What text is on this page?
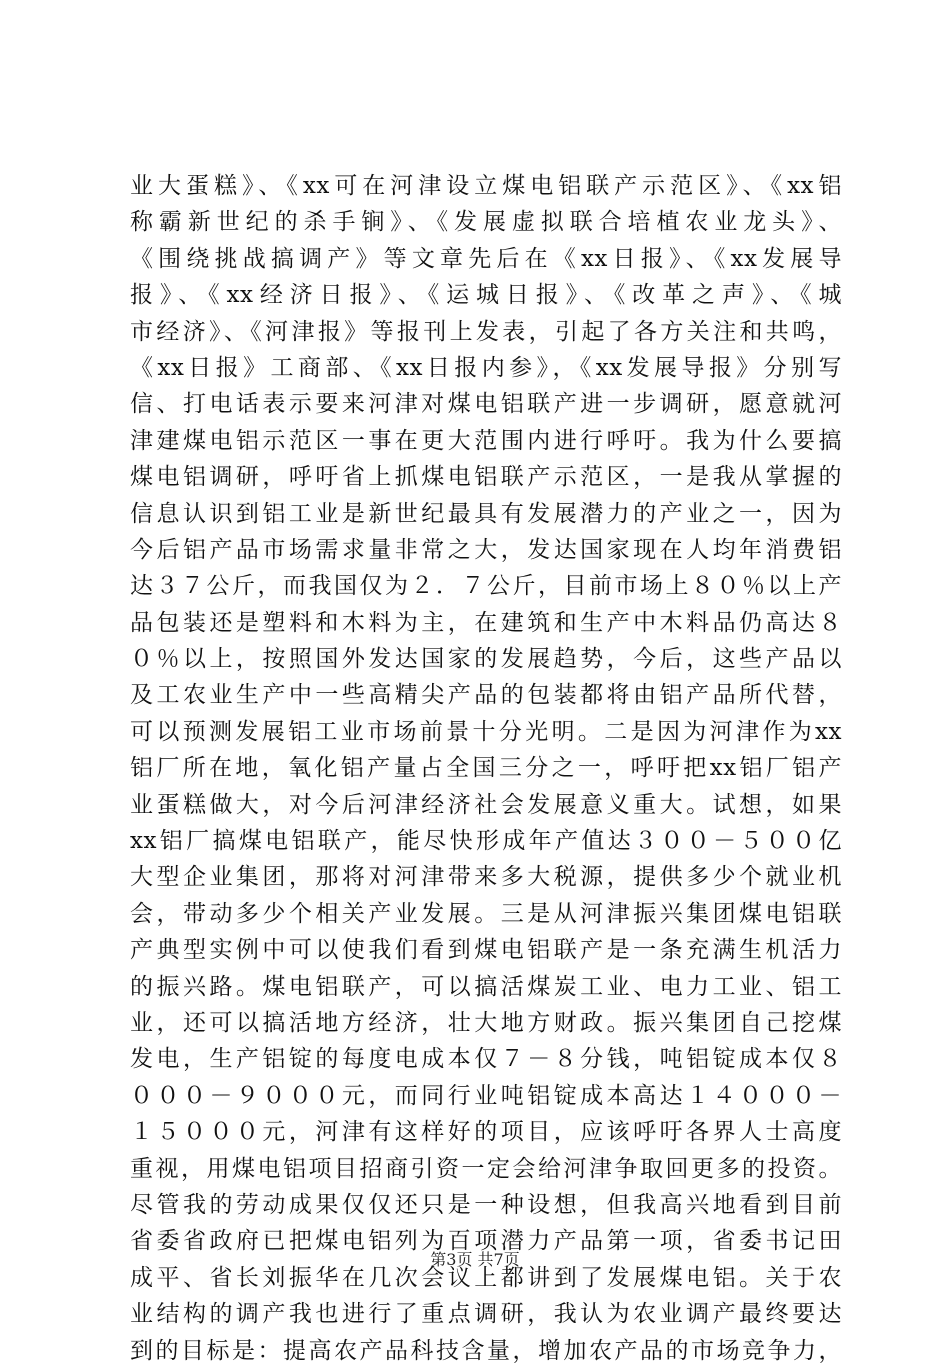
业大蛋糕》、《xx可在河津设立煤电铝联产示范区》、《xx铝
称霸新世纪的杀手锏》、《发展虚拟联合培植农业龙头》、
《围绕挑战搞调产》等文章先后在《xx日报》、《xx发展导
报》、《xx经济日报》、《运城日报》、《改革之声》、《城
市经济》、《河津报》等报刊上发表，引起了各方关注和共鸣，
《xx日报》工商部、《xx日报内参》，《xx发展导报》分别写
信、打电话表示要来河津对煤电铝联产进一步调研，愿意就河
津建煤电铝示范区一事在更大范围内进行呼吁。我为什么要搞
煤电铝调研，呼吁省上抓煤电铝联产示范区，一是我从掌握的
信息认识到铝工业是新世纪最具有发展潜力的产业之一，因为
今后铝产品市场需求量非常之大，发达国家现在人均年消费铝
达３７公斤，而我国仅为２．７公斤，目前市场上８０％以上产
品包装还是塑料和木料为主，在建筑和生产中木料品仍高达８
０％以上，按照国外发达国家的发展趋势，今后，这些产品以
及工农业生产中一些高精尖产品的包装都将由铝产品所代替，
可以预测发展铝工业市场前景十分光明。二是因为河津作为xx
铝厂所在地，氧化铝产量占全国三分之一，呼吁把xx铝厂铝产
业蛋糕做大，对今后河津经济社会发展意义重大。试想，如果
xx铝厂搞煤电铝联产，能尽快形成年产值达３００－５００亿
大型企业集团，那将对河津带来多大税源，提供多少个就业机
会，带动多少个相关产业发展。三是从河津振兴集团煤电铝联
产典型实例中可以使我们看到煤电铝联产是一条充满生机活力
的振兴路。煤电铝联产，可以搞活煤炭工业、电力工业、铝工
业，还可以搞活地方经济，壮大地方财政。振兴集团自己挖煤
发电，生产铝锭的每度电成本仅７－８分钱，吨铝锭成本仅８
０００－９０００元，而同行业吨铝锭成本高达１４０００－
１５０００元，河津有这样好的项目，应该呼吁各界人士高度
重视，用煤电铝项目招商引资一定会给河津争取回更多的投资。
尽管我的劳动成果仅仅还只是一种设想，但我高兴地看到目前
省委省政府已把煤电铝列为百项潜力产品第一项，省委书记田
成平、省长刘振华在几次会议上都讲到了发展煤电铝。关于农
业结构的调产我也进行了重点调研，我认为农业调产最终要达
到的目标是：提高农产品科技含量，增加农产品的市场竞争力，
第3页 共7页
